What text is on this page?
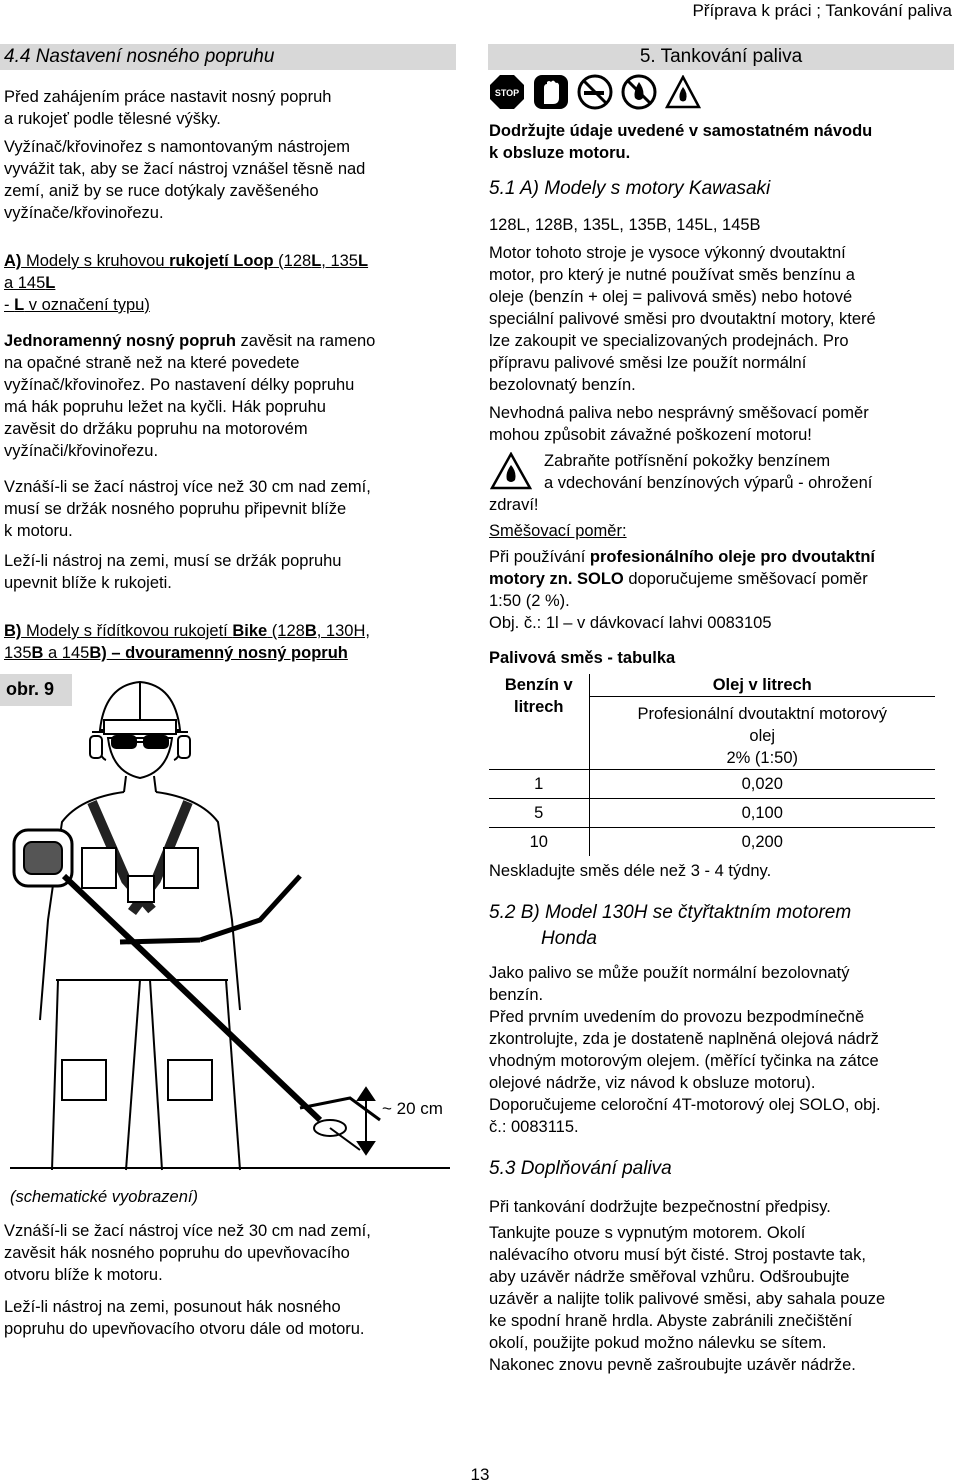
Příprava k práci ; Tankování paliva
4.4 Nastavení nosného popruhu
Před zahájením práce nastavit nosný popruh
a rukojeť podle tělesné výšky.
Vyžínač/křovinořez s namontovaným nástrojem
vyvážit tak, aby se žací nástroj vznášel těsně nad
zemí, aniž by se ruce dotýkaly zavěšeného
vyžínače/křovinořezu.
A) Modely s kruhovou rukojetí Loop (128L, 135L
a 145L
- L v označení typu)
Jednoramenný nosný popruh zavěsit na rameno
na opačné straně než na které povedete
vyžínač/křovinořez. Po nastavení délky popruhu
má hák popruhu ležet na kyčli. Hák popruhu
zavěsit do držáku popruhu na motorovém
vyžínači/křovinořezu.
Vznáší-li se žací nástroj více než 30 cm nad zemí,
musí se držák nosného popruhu připevnit blíže
k motoru.
Leží-li nástroj na zemi, musí se držák popruhu
upevnit blíže k rukojeti.
B) Modely s řídítkovou rukojetí Bike (128B, 130H,
135B a 145B) – dvouramenný nosný popruh
obr. 9
~ 20 cm
(schematické vyobrazení)
Vznáší-li se žací nástroj více než 30 cm nad zemí,
zavěsit hák nosného popruhu do upevňovacího
otvoru blíže k motoru.
Leží-li nástroj na zemi, posunout hák nosného
popruhu do upevňovacího otvoru dále od motoru.
5. Tankování paliva
STOP
Dodržujte údaje uvedené v samostatném návodu
k obsluze motoru.
5.1 A) Modely s motory Kawasaki
128L, 128B, 135L, 135B, 145L, 145B
Motor tohoto stroje je vysoce výkonný dvoutaktní
motor, pro který je nutné používat směs benzínu a
oleje (benzín + olej = palivová směs) nebo hotové
speciální palivové směsi pro dvoutaktní motory, které
lze zakoupit ve specializovaných prodejnách. Pro
přípravu palivové směsi lze použít normální
bezolovnatý benzín.
Nevhodná paliva nebo nesprávný směšovací poměr
mohou způsobit závažné poškození motoru!
Zabraňte potřísnění pokožky benzínem
a vdechování benzínových výparů - ohrožení
zdraví!
Směšovací poměr:
Při používání profesionálního oleje pro dvoutaktní
motory zn. SOLO doporučujeme směšovací poměr
1:50 (2 %).
Obj. č.: 1l – v dávkovací lahvi 0083105
Palivová směs - tabulka
Benzín v
litrech	Olej v litrech

	Profesionální dvoutaktní motorový
olej
2% (1:50)

1	0,020
5	0,100
10	0,200
Neskladujte směs déle než 3 - 4 týdny.
5.2 B) Model 130H se čtyřtaktním motorem
Honda
Jako palivo se může použít normální bezolovnatý
benzín.
Před prvním uvedením do provozu bezpodmínečně
zkontrolujte, zda je dostateně naplněná olejová nádrž
vhodným motorovým olejem. (měřící tyčinka na zátce
olejové nádrže, viz návod k obsluze motoru).
Doporučujeme celoroční 4T-motorový olej SOLO, obj.
č.: 0083115.
5.3 Doplňování paliva
Při tankování dodržujte bezpečnostní předpisy.
Tankujte pouze s vypnutým motorem. Okolí
nalévacího otvoru musí být čisté. Stroj postavte tak,
aby uzávěr nádrže směřoval vzhůru. Odšroubujte
uzávěr a nalijte tolik palivové směsi, aby sahala pouze
ke spodní hraně hrdla. Abyste zabránili znečištění
okolí, použijte pokud možno nálevku se sítem.
Nakonec znovu pevně zašroubujte uzávěr nádrže.
13
